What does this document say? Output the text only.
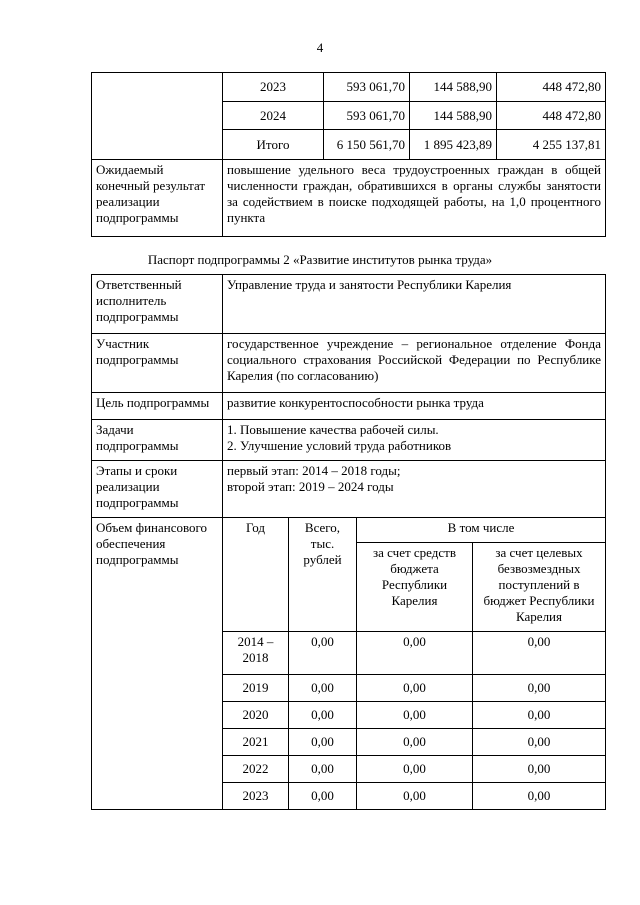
4
	2023	593 061,70	144 588,90	448 472,80
	2024	593 061,70	144 588,90	448 472,80
	Итого	6 150 561,70	1 895 423,89	4 255 137,81
Ожидаемый конечный результат реализации подпрограммы	повышение удельного веса трудоустроенных граждан в общей численности граждан, обратившихся в органы службы занятости за содействием в поиске подходящей работы, на 1,0 процентного пункта			
Паспорт подпрограммы 2 «Развитие институтов рынка труда»
Ответственный исполнитель подпрограммы	Управление труда и занятости Республики Карелия			
Участник подпрограммы	государственное учреждение – региональное отделение Фонда социального страхования Российской Федерации по Республике Карелия (по согласованию)			
Цель подпрограммы	развитие конкурентоспособности рынка труда			
Задачи подпрограммы	1. Повышение качества рабочей силы.
2. Улучшение условий труда работников			

Этапы и сроки реализации подпрограммы	первый этап: 2014 – 2018 годы;
второй этап: 2019 – 2024 годы			

Объем финансового обеспечения подпрограммы	Год	Всего, тыс. рублей	В том числе	
			за счет средств бюджета Республики Карелия	за счет целевых безвозмездных поступлений в бюджет Республики Карелия
	2014 – 2018	0,00	0,00	0,00
	2019	0,00	0,00	0,00
	2020	0,00	0,00	0,00
	2021	0,00	0,00	0,00
	2022	0,00	0,00	0,00
	2023	0,00	0,00	0,00
